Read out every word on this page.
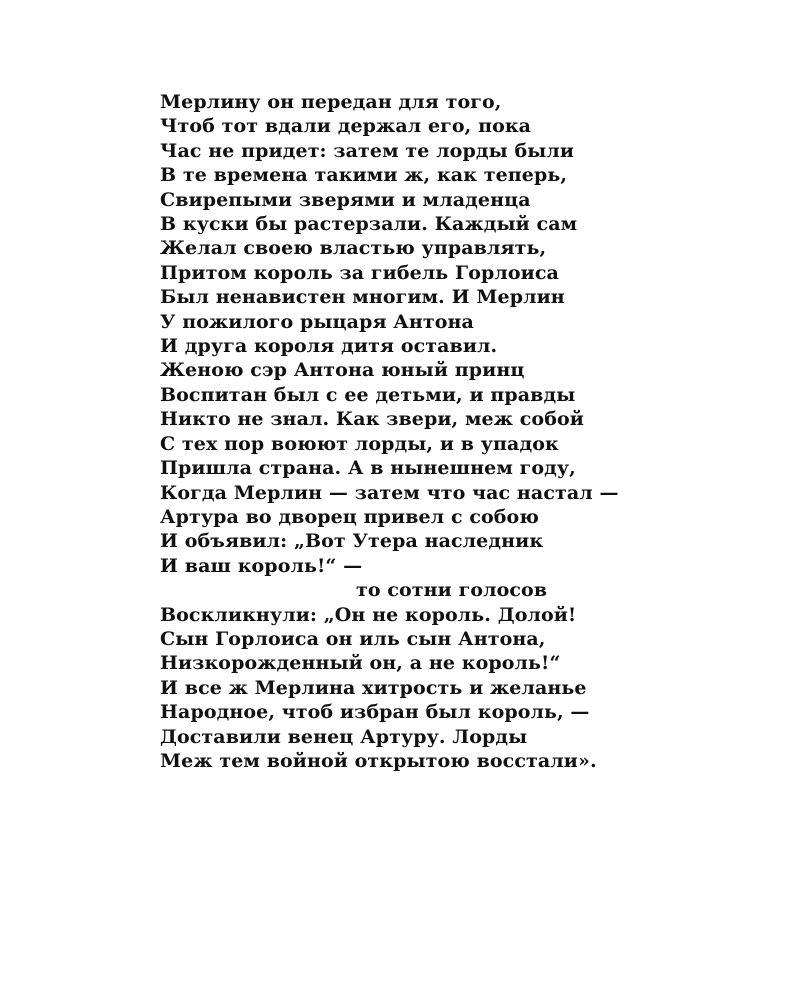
Мерлину он передан для того,
Чтоб тот вдали держал его, пока
Час не придет: затем те лорды были
В те времена такими ж, как теперь,
Свирепыми зверями и младенца
В куски бы растерзали. Каждый сам
Желал своею властью управлять,
Притом король за гибель Горлоиса
Был ненавистен многим. И Мерлин
У пожилого рыцаря Антона
И друга короля дитя оставил.
Женою сэр Антона юный принц
Воспитан был с ее детьми, и правды
Никто не знал. Как звери, меж собой
С тех пор воюют лорды, и в упадок
Пришла страна. А в нынешнем году,
Когда Мерлин — затем что час настал —
Артура во дворец привел с собою
И объявил: „Вот Утера наследник
И ваш король!“ —
то сотни голосов
Воскликнули: „Он не король. Долой!
Сын Горлоиса он иль сын Антона,
Низкорожденный он, а не король!“
И все ж Мерлина хитрость и желанье
Народное, чтоб избран был король, —
Доставили венец Артуру. Лорды
Меж тем войной открытою восстали».
